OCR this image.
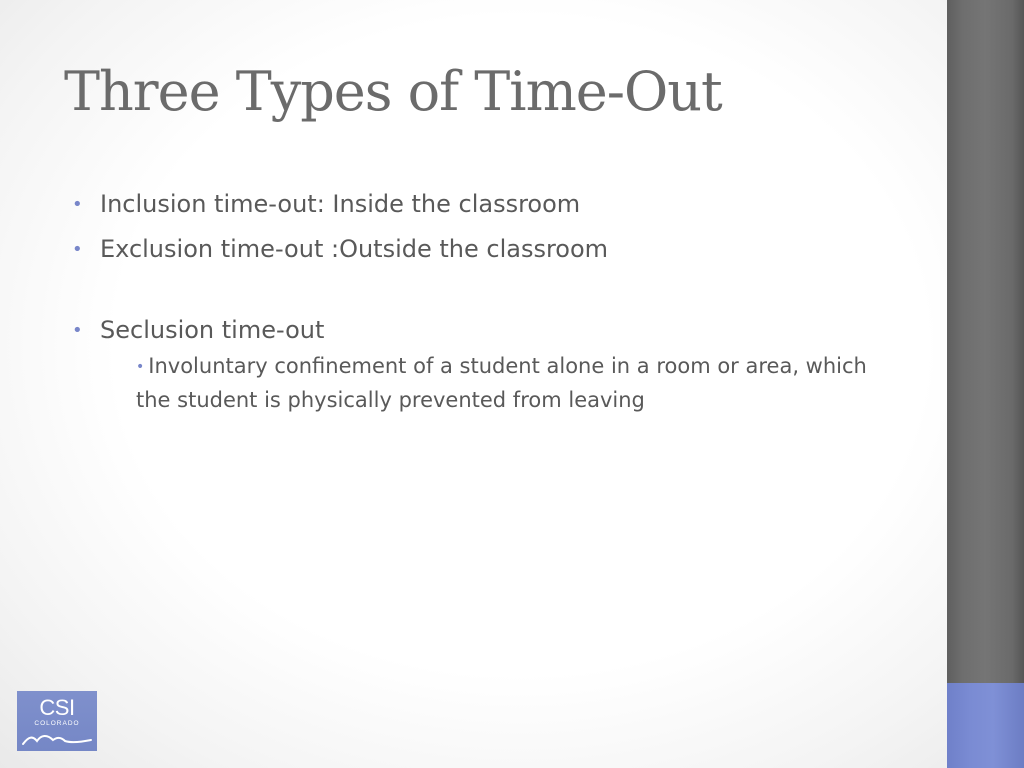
Three Types of Time-Out
• Inclusion time-out: Inside the classroom
• Exclusion time-out :Outside the classroom
• Seclusion time-out
• Involuntary confinement of a student alone in a room or area, which the student is physically prevented from leaving
CSI
COLORADO
